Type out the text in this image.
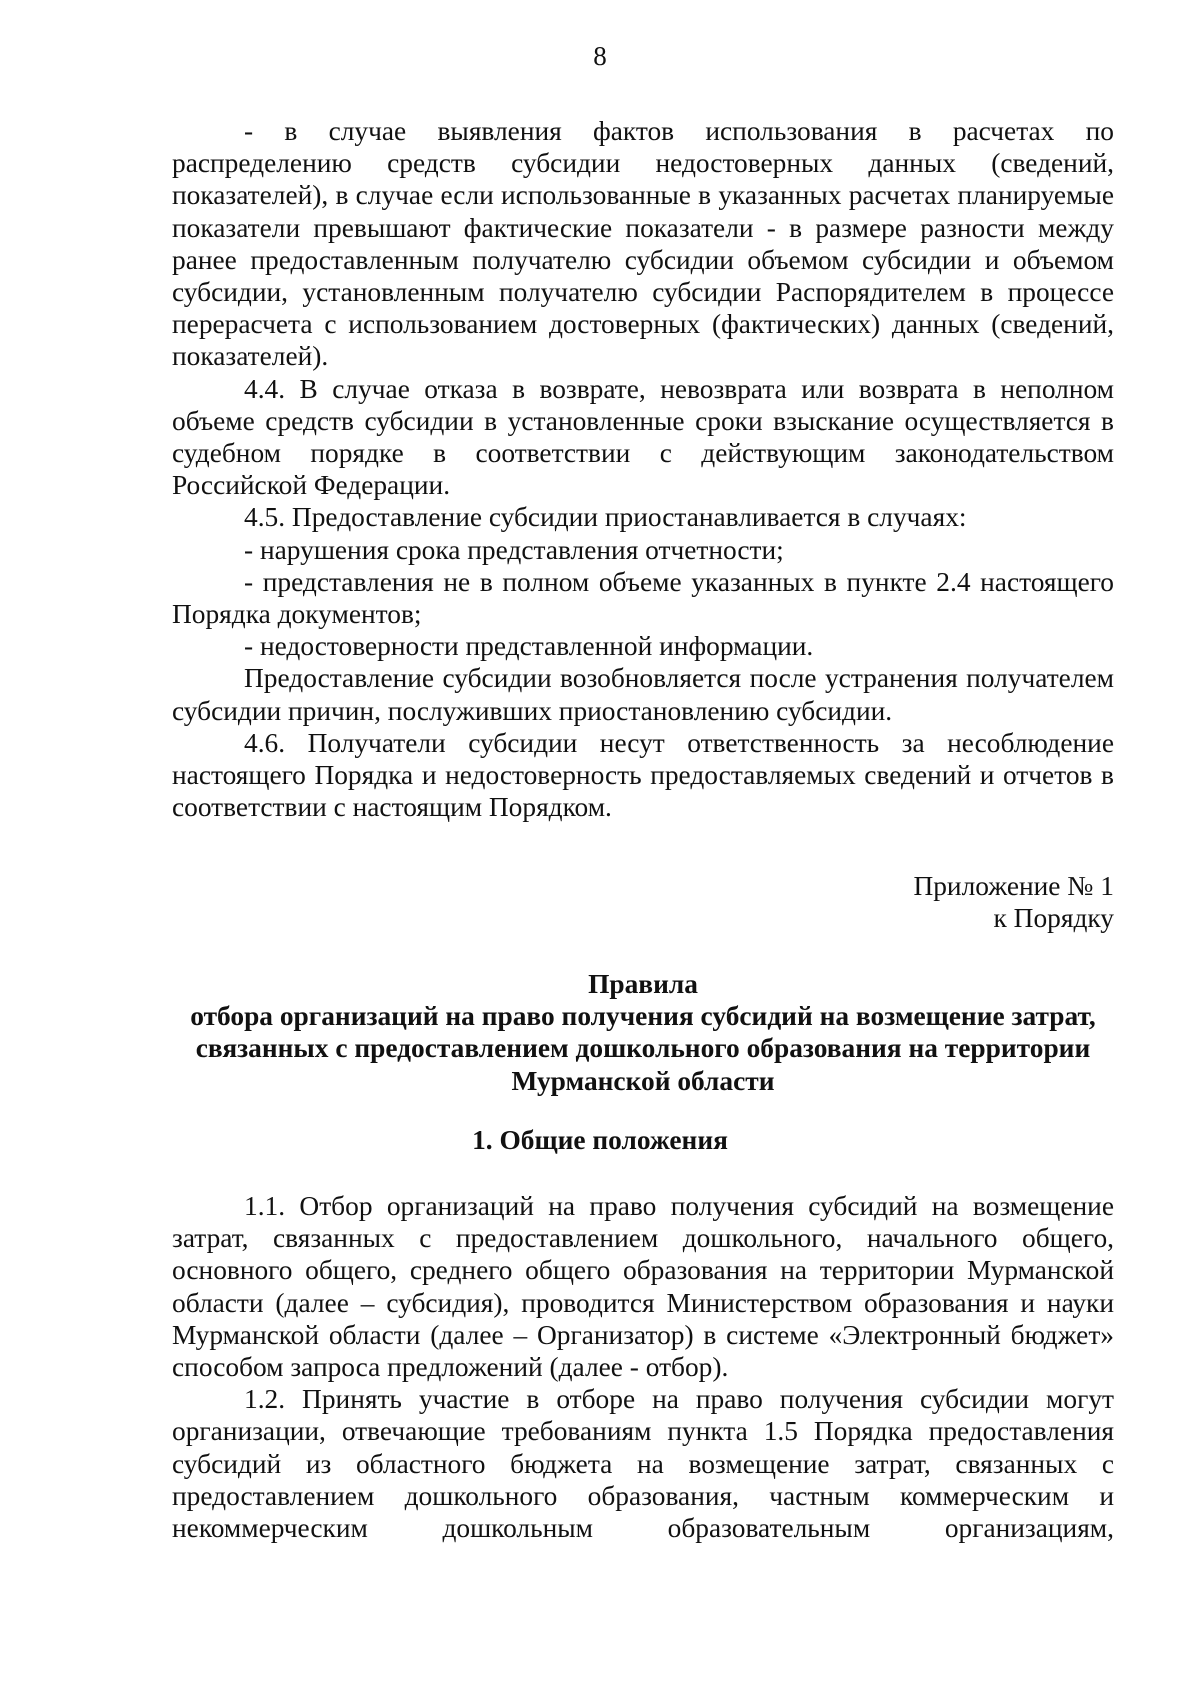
8

- в случае выявления фактов использования в расчетах по

распределению средств субсидии недостоверных данных (сведений, показателей), в случае если использованные в указанных расчетах планируемые показатели превышают фактические показатели - в размере разности между ранее предоставленным получателю субсидии объемом субсидии и объемом субсидии, установленным получателю субсидии Распорядителем в процессе перерасчета с использованием достоверных (фактических) данных (сведений, показателей).

4.4. В случае отказа в возврате, невозврата или возврата в неполном объеме средств субсидии в установленные сроки взыскание осуществляется в судебном порядке в соответствии с действующим законодательством Российской Федерации.

4.5. Предоставление субсидии приостанавливается в случаях:

- нарушения срока представления отчетности;

- представления не в полном объеме указанных в пункте 2.4 настоящего Порядка документов;

- недостоверности представленной информации.

Предоставление субсидии возобновляется после устранения получателем субсидии причин, послуживших приостановлению субсидии.

4.6. Получатели субсидии несут ответственность за несоблюдение настоящего Порядка и недостоверность предоставляемых сведений и отчетов в соответствии с настоящим Порядком.

Приложение № 1
к Порядку
Правила
отбора организаций на право получения субсидий на возмещение затрат,
связанных с предоставлением дошкольного образования на территории
Мурманской области
1. Общие положения

1.1. Отбор организаций на право получения субсидий на возмещение затрат, связанных с предоставлением дошкольного, начального общего, основного общего, среднего общего образования на территории Мурманской области (далее – субсидия), проводится Министерством образования и науки Мурманской области (далее – Организатор) в системе «Электронный бюджет» способом запроса предложений (далее - отбор).

1.2. Принять участие в отборе на право получения субсидии могут организации, отвечающие требованиям пункта 1.5 Порядка предоставления субсидий из областного бюджета на возмещение затрат, связанных с предоставлением дошкольного образования, частным коммерческим и некоммерческим дошкольным образовательным организациям,
